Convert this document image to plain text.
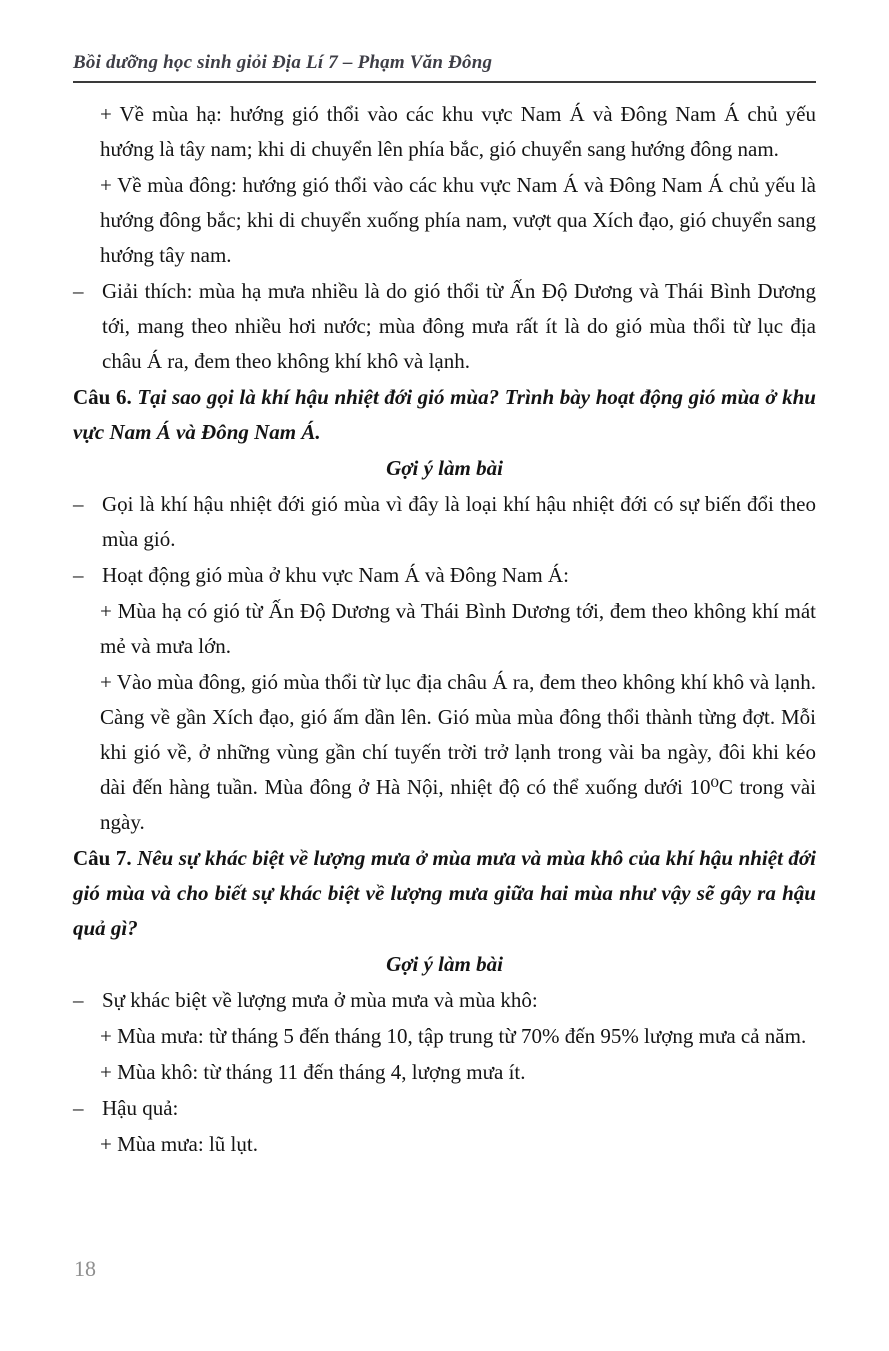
Bồi dưỡng học sinh giỏi Địa Lí 7 – Phạm Văn Đông

+ Về mùa hạ: hướng gió thổi vào các khu vực Nam Á và Đông Nam Á chủ yếu hướng là tây nam; khi di chuyển lên phía bắc, gió chuyển sang hướng đông nam.

+ Về mùa đông: hướng gió thổi vào các khu vực Nam Á và Đông Nam Á chủ yếu là hướng đông bắc; khi di chuyển xuống phía nam, vượt qua Xích đạo, gió chuyển sang hướng tây nam.

– Giải thích: mùa hạ mưa nhiều là do gió thổi từ Ấn Độ Dương và Thái Bình Dương tới, mang theo nhiều hơi nước; mùa đông mưa rất ít là do gió mùa thổi từ lục địa châu Á ra, đem theo không khí khô và lạnh.

Câu 6. Tại sao gọi là khí hậu nhiệt đới gió mùa? Trình bày hoạt động gió mùa ở khu vực Nam Á và Đông Nam Á.

Gợi ý làm bài

– Gọi là khí hậu nhiệt đới gió mùa vì đây là loại khí hậu nhiệt đới có sự biến đổi theo mùa gió.

– Hoạt động gió mùa ở khu vực Nam Á và Đông Nam Á:

+ Mùa hạ có gió từ Ấn Độ Dương và Thái Bình Dương tới, đem theo không khí mát mẻ và mưa lớn.

+ Vào mùa đông, gió mùa thổi từ lục địa châu Á ra, đem theo không khí khô và lạnh. Càng về gần Xích đạo, gió ấm dần lên. Gió mùa mùa đông thổi thành từng đợt. Mỗi khi gió về, ở những vùng gần chí tuyến trời trở lạnh trong vài ba ngày, đôi khi kéo dài đến hàng tuần. Mùa đông ở Hà Nội, nhiệt độ có thể xuống dưới 10⁰C trong vài ngày.

Câu 7. Nêu sự khác biệt về lượng mưa ở mùa mưa và mùa khô của khí hậu nhiệt đới gió mùa và cho biết sự khác biệt về lượng mưa giữa hai mùa như vậy sẽ gây ra hậu quả gì?

Gợi ý làm bài

– Sự khác biệt về lượng mưa ở mùa mưa và mùa khô:

+ Mùa mưa: từ tháng 5 đến tháng 10, tập trung từ 70% đến 95% lượng mưa cả năm.

+ Mùa khô: từ tháng 11 đến tháng 4, lượng mưa ít.

– Hậu quả:

+ Mùa mưa: lũ lụt.

18
